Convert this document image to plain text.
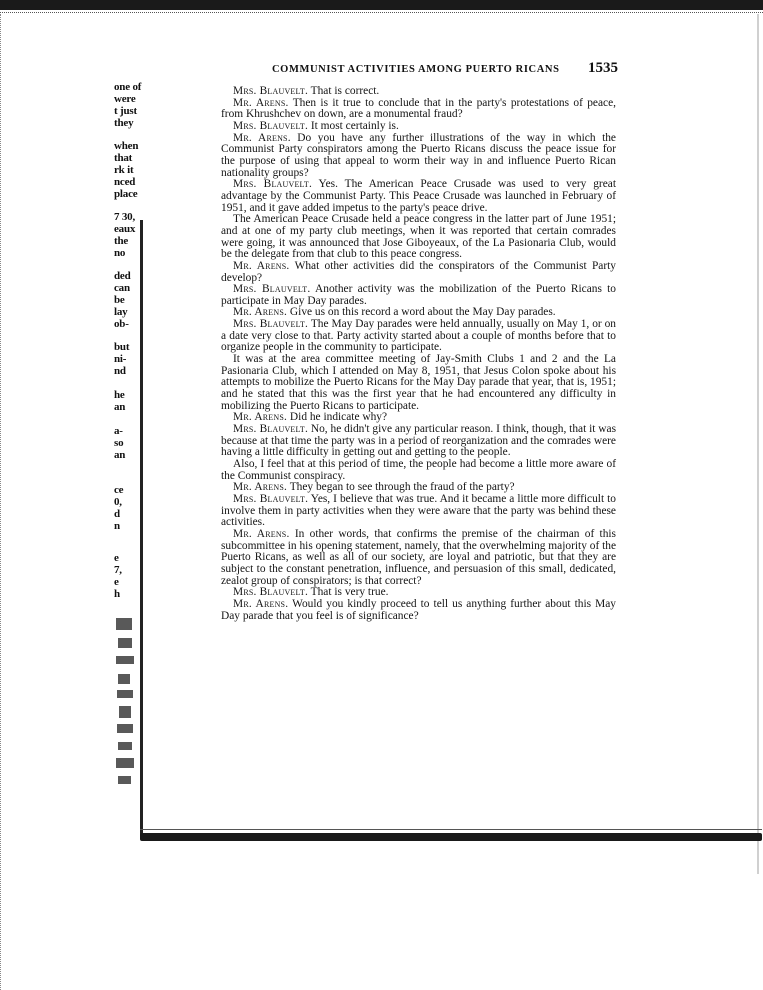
one of
were
t just
they
when
that
rk it
nced
place
7 30,
eaux
the
no
ded
can
be
lay
ob-
but
ni-
nd
he
an
a-
so
an
ce
0,
d
n
e
7,
e
h
COMMUNIST ACTIVITIES AMONG PUERTO RICANS	1535

Mrs. Blauvelt. That is correct.

Mr. Arens. Then is it true to conclude that in the party's protestations of peace, from Khrushchev on down, are a monumental fraud?

Mrs. Blauvelt. It most certainly is.

Mr. Arens. Do you have any further illustrations of the way in which the Communist Party conspirators among the Puerto Ricans discuss the peace issue for the purpose of using that appeal to worm their way in and influence Puerto Rican nationality groups?

Mrs. Blauvelt. Yes. The American Peace Crusade was used to very great advantage by the Communist Party. This Peace Crusade was launched in February of 1951, and it gave added impetus to the party's peace drive.

The American Peace Crusade held a peace congress in the latter part of June 1951; and at one of my party club meetings, when it was reported that certain comrades were going, it was announced that Jose Giboyeaux, of the La Pasionaria Club, would be the delegate from that club to this peace congress.

Mr. Arens. What other activities did the conspirators of the Communist Party develop?

Mrs. Blauvelt. Another activity was the mobilization of the Puerto Ricans to participate in May Day parades.

Mr. Arens. Give us on this record a word about the May Day parades.

Mrs. Blauvelt. The May Day parades were held annually, usually on May 1, or on a date very close to that. Party activity started about a couple of months before that to organize people in the community to participate.

It was at the area committee meeting of Jay-Smith Clubs 1 and 2 and the La Pasionaria Club, which I attended on May 8, 1951, that Jesus Colon spoke about his attempts to mobilize the Puerto Ricans for the May Day parade that year, that is, 1951; and he stated that this was the first year that he had encountered any difficulty in mobilizing the Puerto Ricans to participate.

Mr. Arens. Did he indicate why?

Mrs. Blauvelt. No, he didn't give any particular reason. I think, though, that it was because at that time the party was in a period of reorganization and the comrades were having a little difficulty in getting out and getting to the people.

Also, I feel that at this period of time, the people had become a little more aware of the Communist conspiracy.

Mr. Arens. They began to see through the fraud of the party?

Mrs. Blauvelt. Yes, I believe that was true. And it became a little more difficult to involve them in party activities when they were aware that the party was behind these activities.

Mr. Arens. In other words, that confirms the premise of the chairman of this subcommittee in his opening statement, namely, that the overwhelming majority of the Puerto Ricans, as well as all of our society, are loyal and patriotic, but that they are subject to the constant penetration, influence, and persuasion of this small, dedicated, zealot group of conspirators; is that correct?

Mrs. Blauvelt. That is very true.

Mr. Arens. Would you kindly proceed to tell us anything further about this May Day parade that you feel is of significance?
